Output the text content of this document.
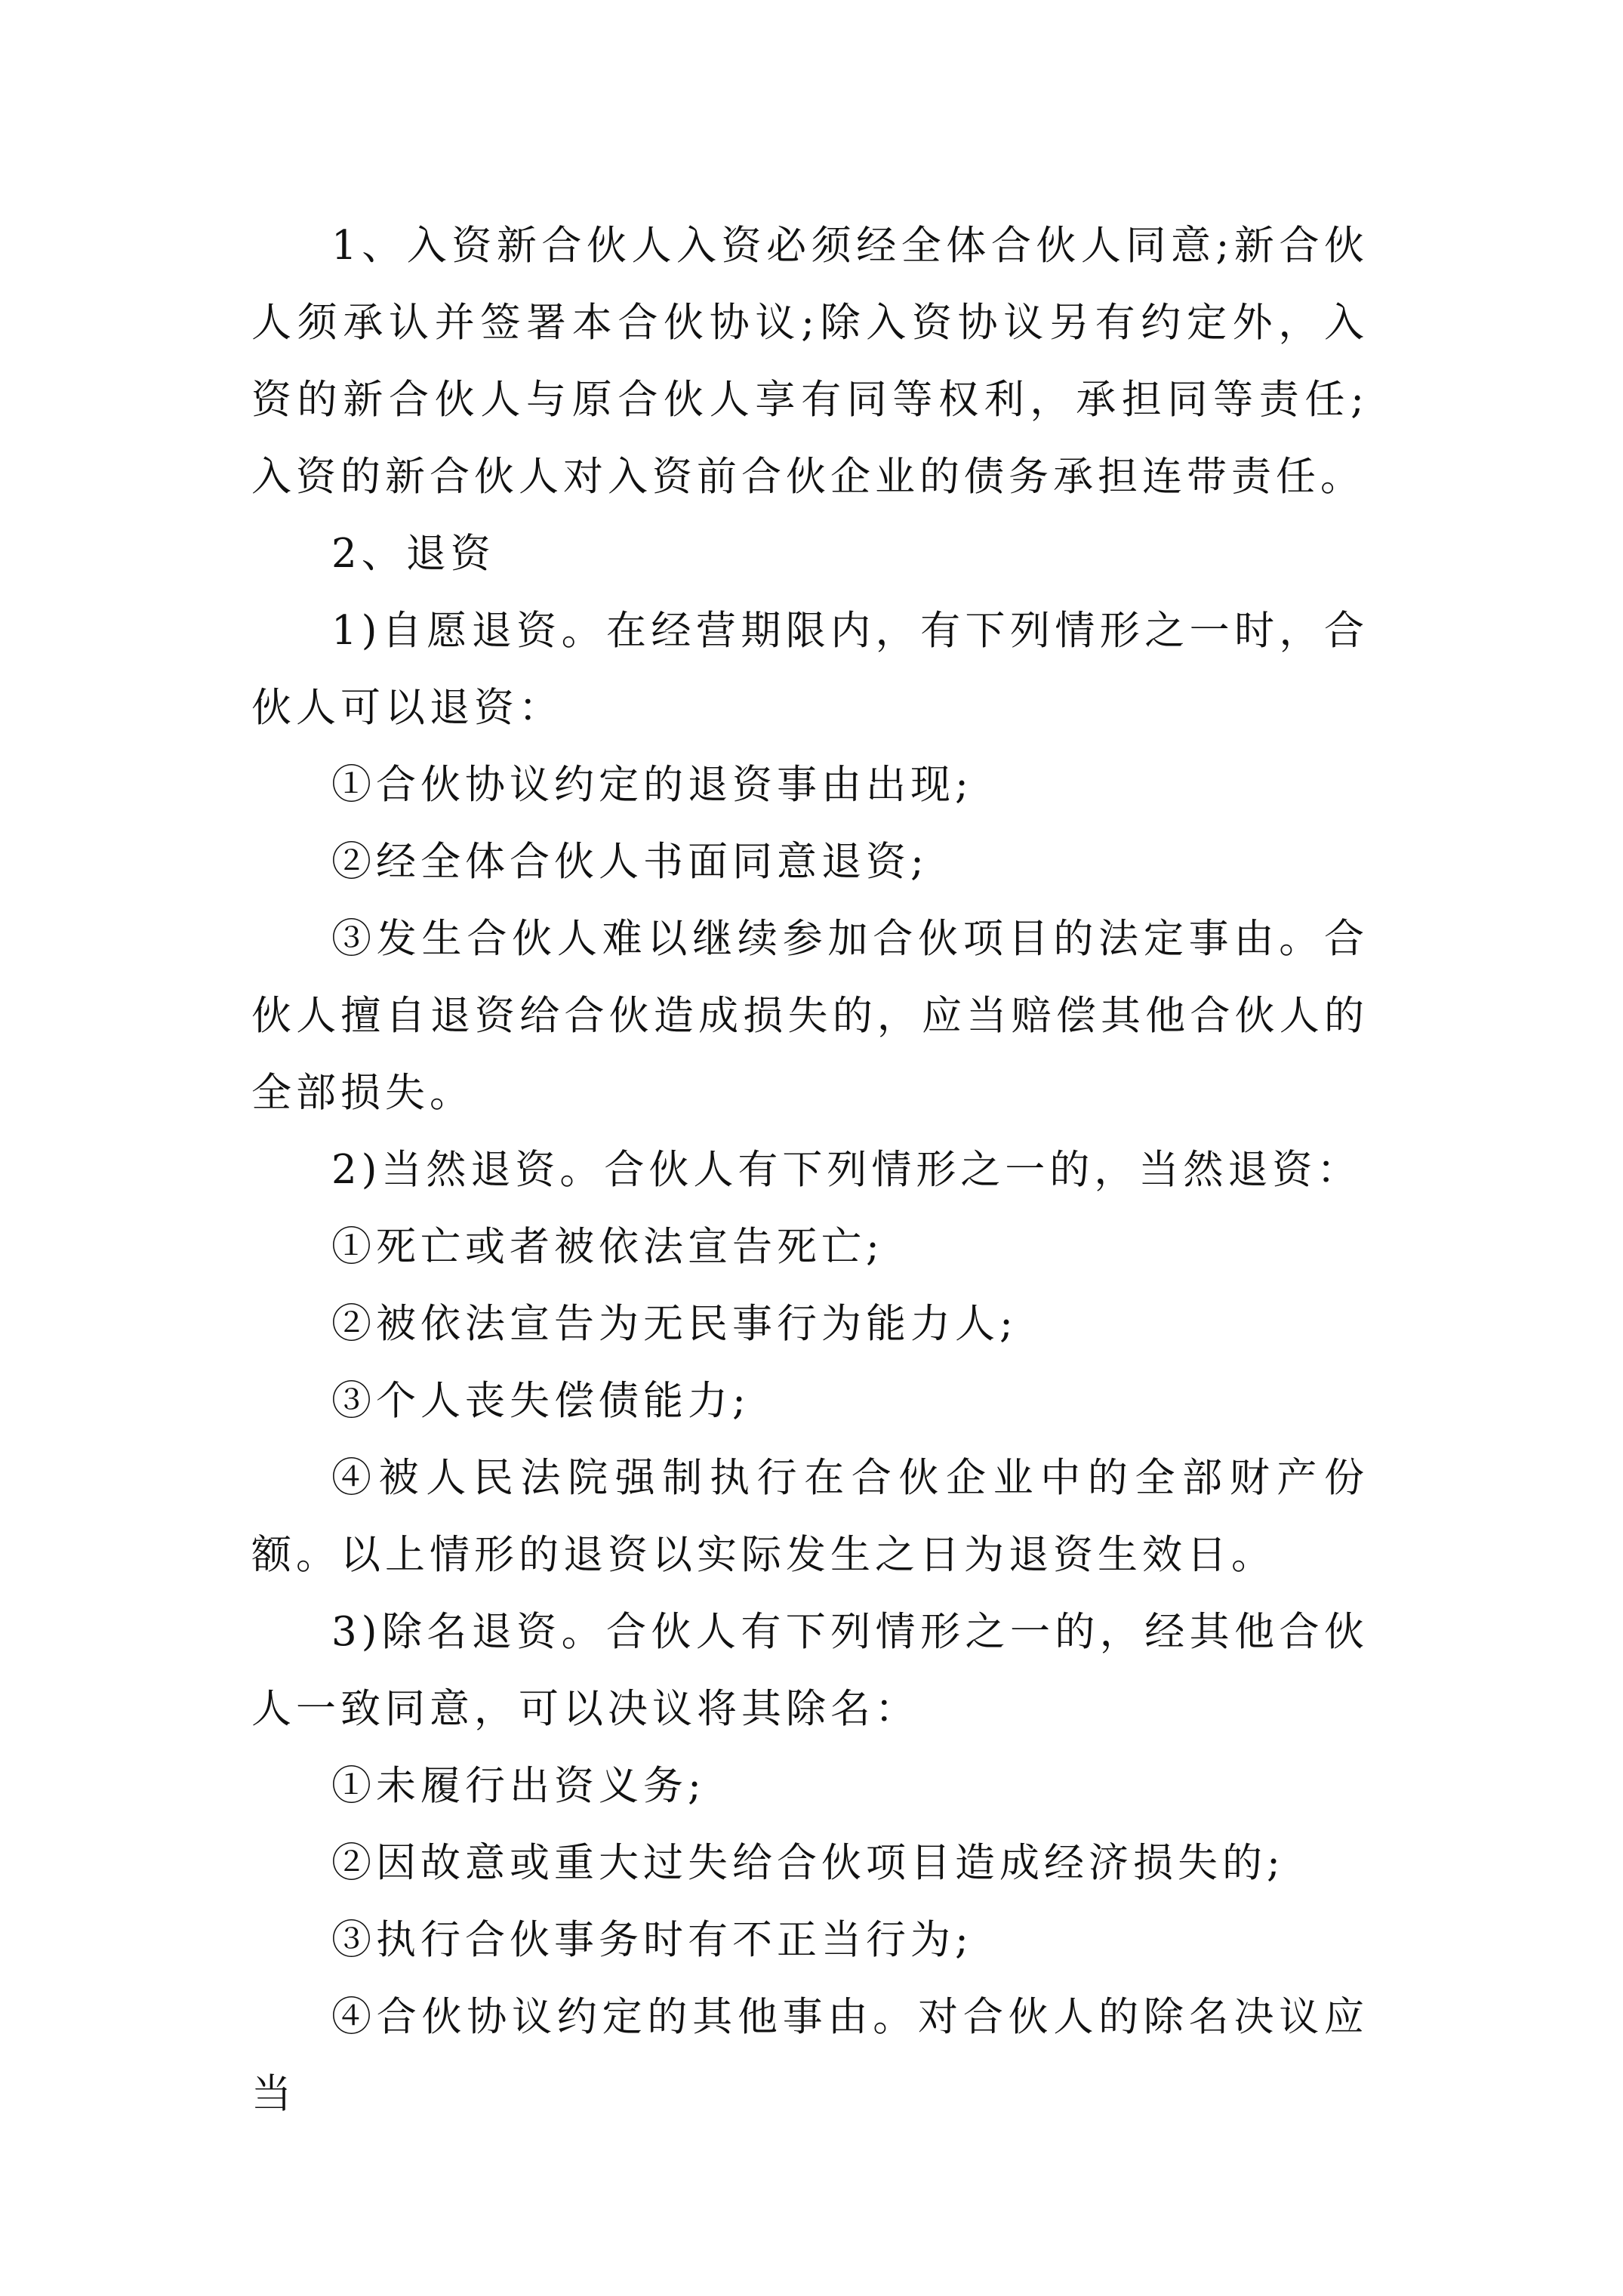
1、入资新合伙人入资必须经全体合伙人同意;新合伙人须承认并签署本合伙协议;除入资协议另有约定外，入资的新合伙人与原合伙人享有同等权利，承担同等责任;入资的新合伙人对入资前合伙企业的债务承担连带责任。

2、退资

1)自愿退资。在经营期限内，有下列情形之一时，合伙人可以退资：

①合伙协议约定的退资事由出现;

②经全体合伙人书面同意退资;

③发生合伙人难以继续参加合伙项目的法定事由。合伙人擅自退资给合伙造成损失的，应当赔偿其他合伙人的全部损失。

2)当然退资。合伙人有下列情形之一的，当然退资：

①死亡或者被依法宣告死亡;

②被依法宣告为无民事行为能力人;

③个人丧失偿债能力;

④被人民法院强制执行在合伙企业中的全部财产份额。以上情形的退资以实际发生之日为退资生效日。

3)除名退资。合伙人有下列情形之一的，经其他合伙人一致同意，可以决议将其除名：

①未履行出资义务;

②因故意或重大过失给合伙项目造成经济损失的;

③执行合伙事务时有不正当行为;

④合伙协议约定的其他事由。对合伙人的除名决议应当
